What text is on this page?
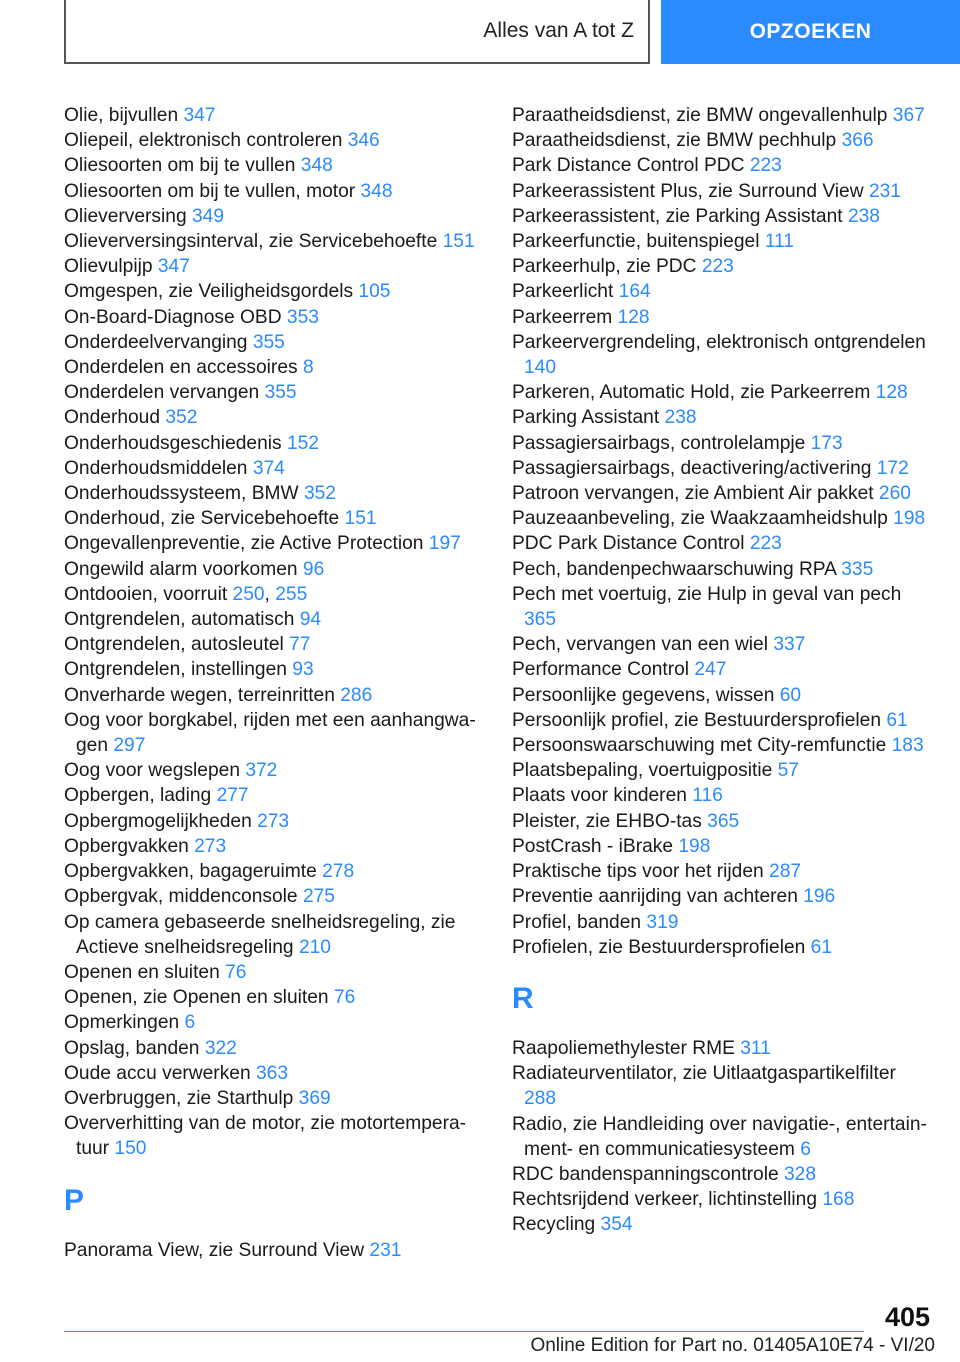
Alles van A tot Z	OPZOEKEN
Olie, bijvullen 347
Oliepeil, elektronisch controleren 346
Oliesoorten om bij te vullen 348
Oliesoorten om bij te vullen, motor 348
Olieverversing 349
Olieverversingsinterval, zie Servicebehoefte 151
Olievulpijp 347
Omgespen, zie Veiligheidsgordels 105
On-Board-Diagnose OBD 353
Onderdeelvervanging 355
Onderdelen en accessoires 8
Onderdelen vervangen 355
Onderhoud 352
Onderhoudsgeschiedenis 152
Onderhoudsmiddelen 374
Onderhoudssysteem, BMW 352
Onderhoud, zie Servicebehoefte 151
Ongevallenpreventie, zie Active Protection 197
Ongewild alarm voorkomen 96
Ontdooien, voorruit 250, 255
Ontgrendelen, automatisch 94
Ontgrendelen, autosleutel 77
Ontgrendelen, instellingen 93
Onverharde wegen, terreinritten 286
Oog voor borgkabel, rijden met een aanhangwagen 297
Oog voor wegslepen 372
Opbergen, lading 277
Opbergmogelijkheden 273
Opbergvakken 273
Opbergvakken, bagageruimte 278
Opbergvak, middenconsole 275
Op camera gebaseerde snelheidsregeling, zie Actieve snelheidsregeling 210
Openen en sluiten 76
Openen, zie Openen en sluiten 76
Opmerkingen 6
Opslag, banden 322
Oude accu verwerken 363
Overbruggen, zie Starthulp 369
Oververhitting van de motor, zie motortemperatuur 150
P
Panorama View, zie Surround View 231
Paraatheidsdienst, zie BMW ongevallenhulp 367
Paraatheidsdienst, zie BMW pechhulp 366
Park Distance Control PDC 223
Parkeerassistent Plus, zie Surround View 231
Parkeerassistent, zie Parking Assistant 238
Parkeerfunctie, buitenspiegel 111
Parkeerhulp, zie PDC 223
Parkeerlicht 164
Parkeerrem 128
Parkeervergrendeling, elektronisch ontgrendelen 140
Parkeren, Automatic Hold, zie Parkeerrem 128
Parking Assistant 238
Passagiersairbags, controlelampje 173
Passagiersairbags, deactivering/activering 172
Patroon vervangen, zie Ambient Air pakket 260
Pauzeaanbeveling, zie Waakzaamheidshulp 198
PDC Park Distance Control 223
Pech, bandenpechwaarschuwing RPA 335
Pech met voertuig, zie Hulp in geval van pech 365
Pech, vervangen van een wiel 337
Performance Control 247
Persoonlijke gegevens, wissen 60
Persoonlijk profiel, zie Bestuurdersprofielen 61
Persoonswaarschuwing met City-remfunctie 183
Plaatsbepaling, voertuigpositie 57
Plaats voor kinderen 116
Pleister, zie EHBO-tas 365
PostCrash - iBrake 198
Praktische tips voor het rijden 287
Preventie aanrijding van achteren 196
Profiel, banden 319
Profielen, zie Bestuurdersprofielen 61
R
Raapoliemethylester RME 311
Radiateurventilator, zie Uitlaatgaspartikelfilter 288
Radio, zie Handleiding over navigatie-, entertainment- en communicatiesysteem 6
RDC bandenspanningscontrole 328
Rechtsrijdend verkeer, lichtinstelling 168
Recycling 354
405
Online Edition for Part no. 01405A10E74 - VI/20
